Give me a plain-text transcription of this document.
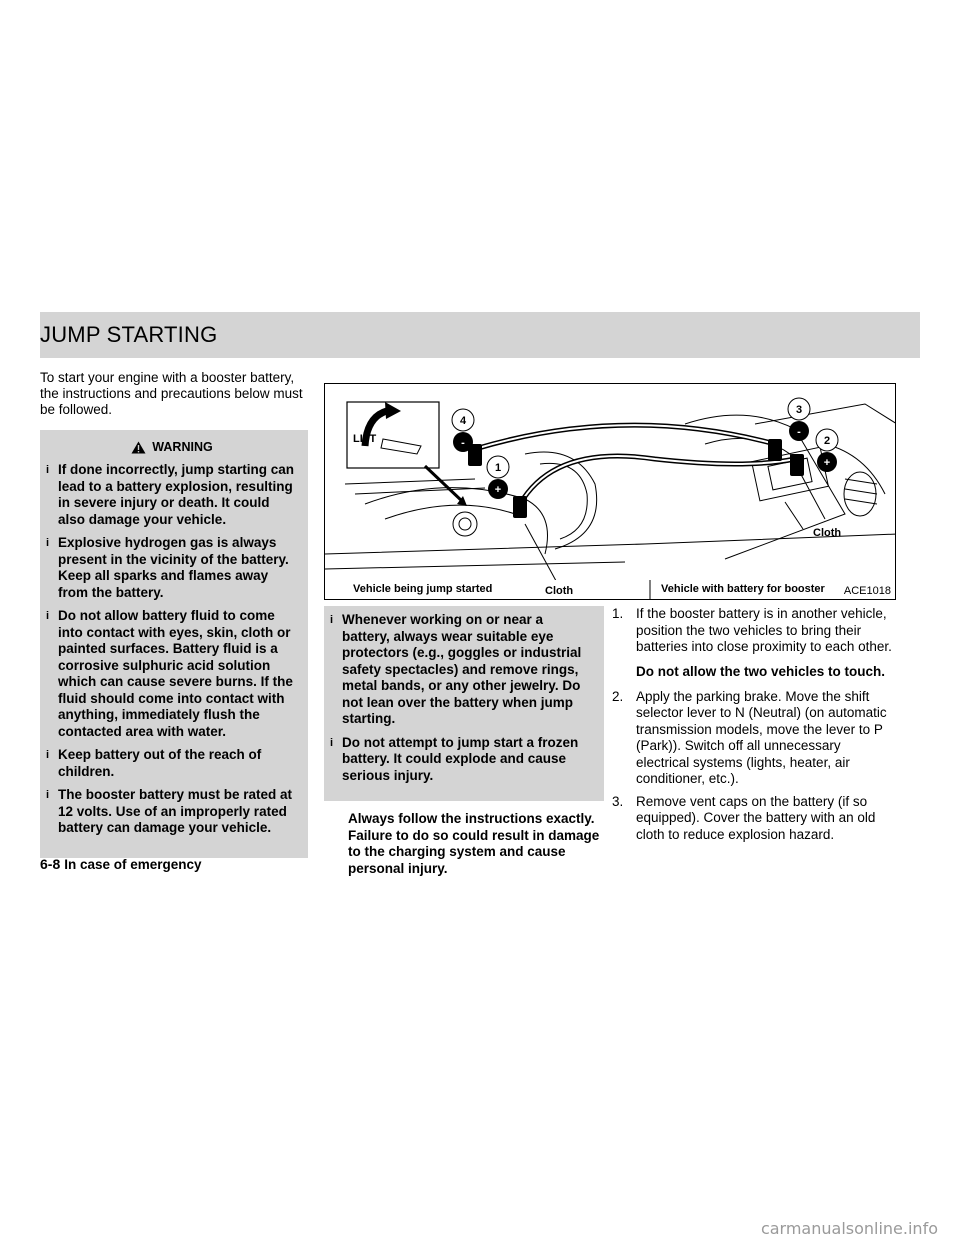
JUMP STARTING

To start your engine with a booster battery, the instructions and precautions below must be followed.

WARNING
i If done incorrectly, jump starting can lead to a battery explosion, resulting in severe injury or death. It could also damage your vehicle.
i Explosive hydrogen gas is always present in the vicinity of the battery. Keep all sparks and flames away from the battery.
i Do not allow battery fluid to come into contact with eyes, skin, cloth or painted surfaces. Battery fluid is a corrosive sulphuric acid solution which can cause severe burns. If the fluid should come into contact with anything, immediately flush the contacted area with water.
i Keep battery out of the reach of children.
i The booster battery must be rated at 12 volts. Use of an improperly rated battery can damage your vehicle.
4
-
1
+
3
-
2
+
LIFT
Vehicle being jump started	Cloth	Vehicle with battery for booster
Cloth
ACE1018
i Whenever working on or near a battery, always wear suitable eye protectors (e.g., goggles or industrial safety spectacles) and remove rings, metal bands, or any other jewelry. Do not lean over the battery when jump starting.
i Do not attempt to jump start a frozen battery. It could explode and cause serious injury.

Always follow the instructions exactly. Failure to do so could result in damage to the charging system and cause personal injury.

1. If the booster battery is in another vehicle, position the two vehicles to bring their batteries into close proximity to each other.

Do not allow the two vehicles to touch.

2. Apply the parking brake. Move the shift selector lever to N (Neutral) (on automatic transmission models, move the lever to P (Park)). Switch off all unnecessary electrical systems (lights, heater, air conditioner, etc.).
3. Remove vent caps on the battery (if so equipped). Cover the battery with an old cloth to reduce explosion hazard.
6-8 In case of emergency
carmanualsonline.info
